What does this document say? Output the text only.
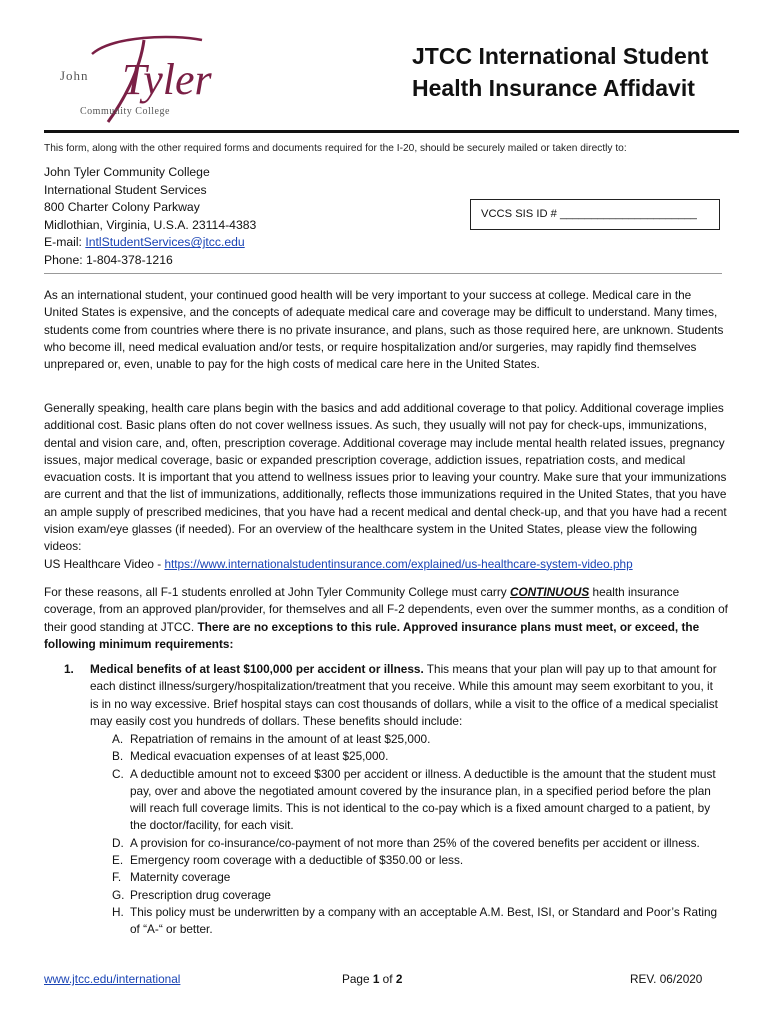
John Tyler
Community College
JTCC International Student
Health Insurance Affidavit
This form, along with the other required forms and documents required for the I-20, should be securely mailed or taken directly to:
John Tyler Community College
International Student Services
800 Charter Colony Parkway
Midlothian, Virginia, U.S.A. 23114-4383
E-mail: IntlStudentServices@jtcc.edu
Phone: 1-804-378-1216
VCCS SIS ID # ______________________
As an international student, your continued good health will be very important to your success at college. Medical care in the United States is expensive, and the concepts of adequate medical care and coverage may be difficult to understand. Many times, students come from countries where there is no private insurance, and plans, such as those required here, are unknown. Students who become ill, need medical evaluation and/or tests, or require hospitalization and/or surgeries, may rapidly find themselves unprepared or, even, unable to pay for the high costs of medical care here in the United States.
Generally speaking, health care plans begin with the basics and add additional coverage to that policy. Additional coverage implies additional cost. Basic plans often do not cover wellness issues. As such, they usually will not pay for check-ups, immunizations, dental and vision care, and, often, prescription coverage. Additional coverage may include mental health related issues, pregnancy issues, major medical coverage, basic or expanded prescription coverage, addiction issues, repatriation costs, and medical evacuation costs. It is important that you attend to wellness issues prior to leaving your country. Make sure that your immunizations are current and that the list of immunizations, additionally, reflects those immunizations required in the United States, that you have an ample supply of prescribed medicines, that you have had a recent medical and dental check-up, and that you have had a recent vision exam/eye glasses (if needed). For an overview of the healthcare system in the United States, please view the following videos:
US Healthcare Video - https://www.internationalstudentinsurance.com/explained/us-healthcare-system-video.php
For these reasons, all F-1 students enrolled at John Tyler Community College must carry CONTINUOUS health insurance coverage, from an approved plan/provider, for themselves and all F-2 dependents, even over the summer months, as a condition of their good standing at JTCC. There are no exceptions to this rule. Approved insurance plans must meet, or exceed, the following minimum requirements:
1. Medical benefits of at least $100,000 per accident or illness. This means that your plan will pay up to that amount for each distinct illness/surgery/hospitalization/treatment that you receive. While this amount may seem exorbitant to you, it is in no way excessive. Brief hospital stays can cost thousands of dollars, while a visit to the office of a medical specialist may easily cost you hundreds of dollars. These benefits should include:
A. Repatriation of remains in the amount of at least $25,000.
B. Medical evacuation expenses of at least $25,000.
C. A deductible amount not to exceed $300 per accident or illness. A deductible is the amount that the student must pay, over and above the negotiated amount covered by the insurance plan, in a specified period before the plan will reach full coverage limits. This is not identical to the co-pay which is a fixed amount charged to a patient, by the doctor/facility, for each visit.
D. A provision for co-insurance/co-payment of not more than 25% of the covered benefits per accident or illness.
E. Emergency room coverage with a deductible of $350.00 or less.
F. Maternity coverage
G. Prescription drug coverage
H. This policy must be underwritten by a company with an acceptable A.M. Best, ISI, or Standard and Poor’s Rating of “A-“ or better.
www.jtcc.edu/international	Page 1 of 2	REV. 06/2020
